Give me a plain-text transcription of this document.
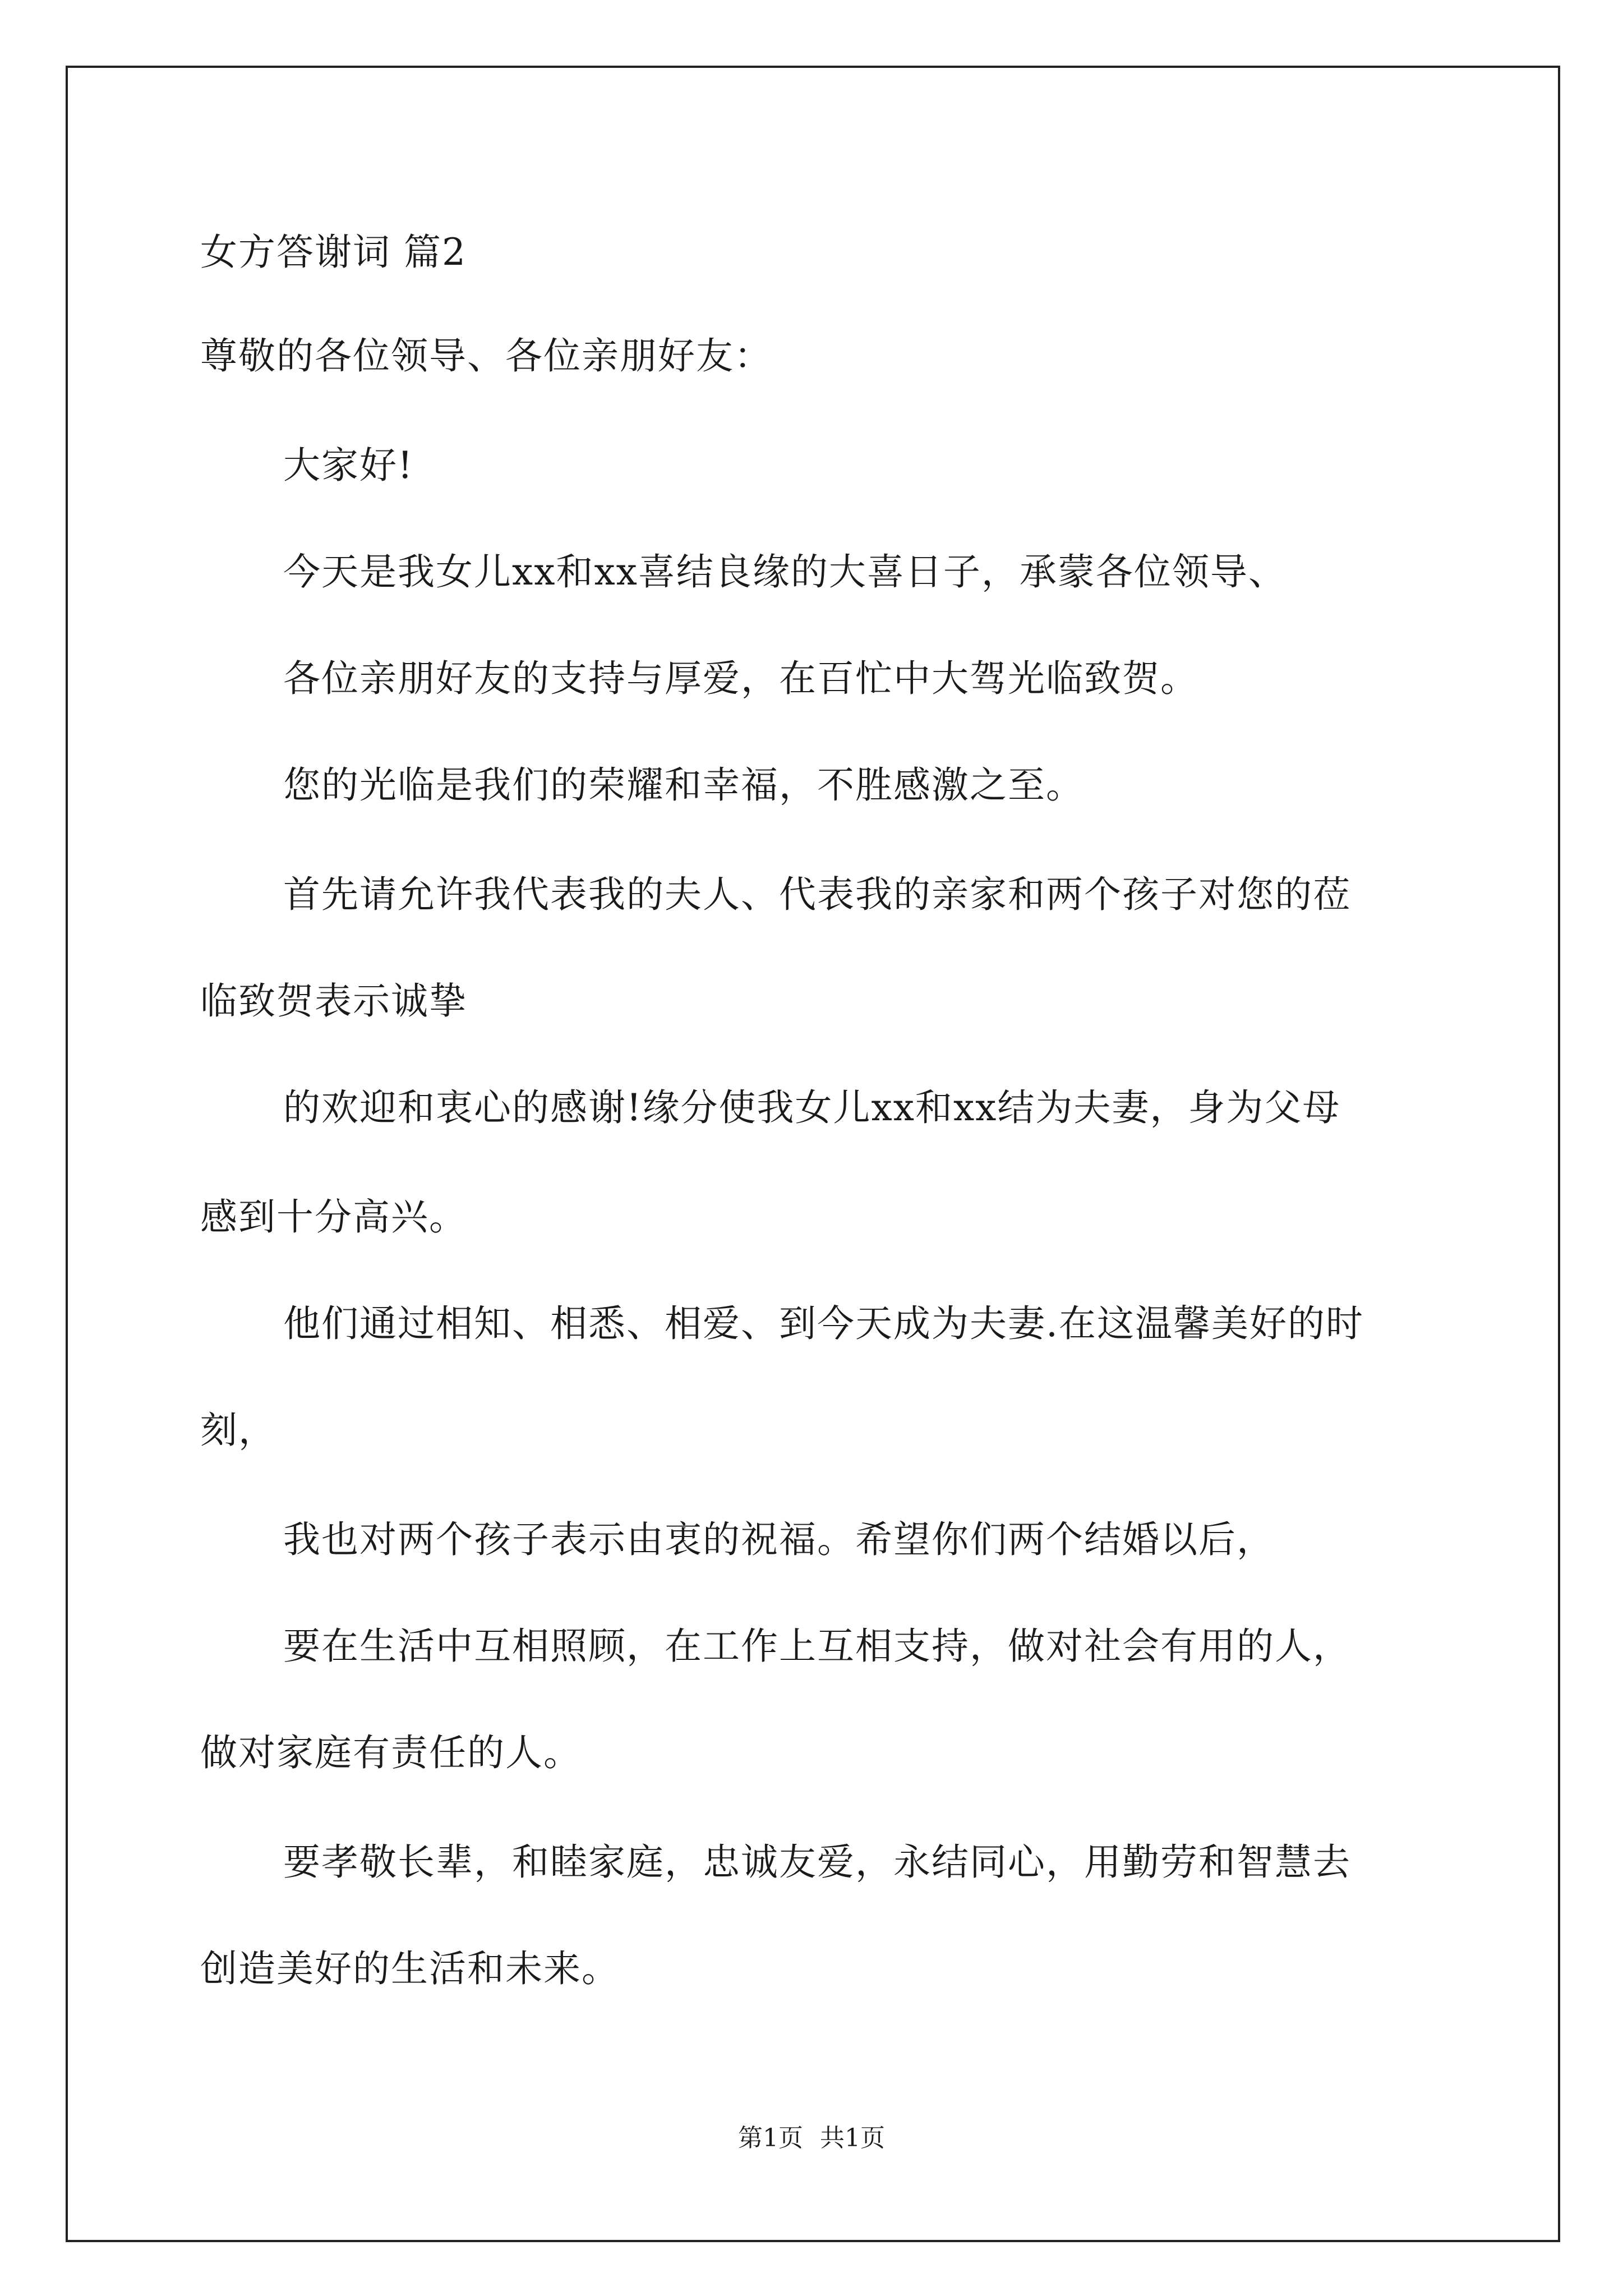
女方答谢词 篇2
尊敬的各位领导、各位亲朋好友：
大家好!
今天是我女儿xx和xx喜结良缘的大喜日子，承蒙各位领导、
各位亲朋好友的支持与厚爱，在百忙中大驾光临致贺。
您的光临是我们的荣耀和幸福，不胜感激之至。
首先请允许我代表我的夫人、代表我的亲家和两个孩子对您的莅
临致贺表示诚挚
的欢迎和衷心的感谢!缘分使我女儿xx和xx结为夫妻，身为父母
感到十分高兴。
他们通过相知、相悉、相爱、到今天成为夫妻.在这温馨美好的时
刻，
我也对两个孩子表示由衷的祝福。希望你们两个结婚以后，
要在生活中互相照顾，在工作上互相支持，做对社会有用的人，
做对家庭有责任的人。
要孝敬长辈，和睦家庭，忠诚友爱，永结同心，用勤劳和智慧去
创造美好的生活和未来。
第1页 共1页
